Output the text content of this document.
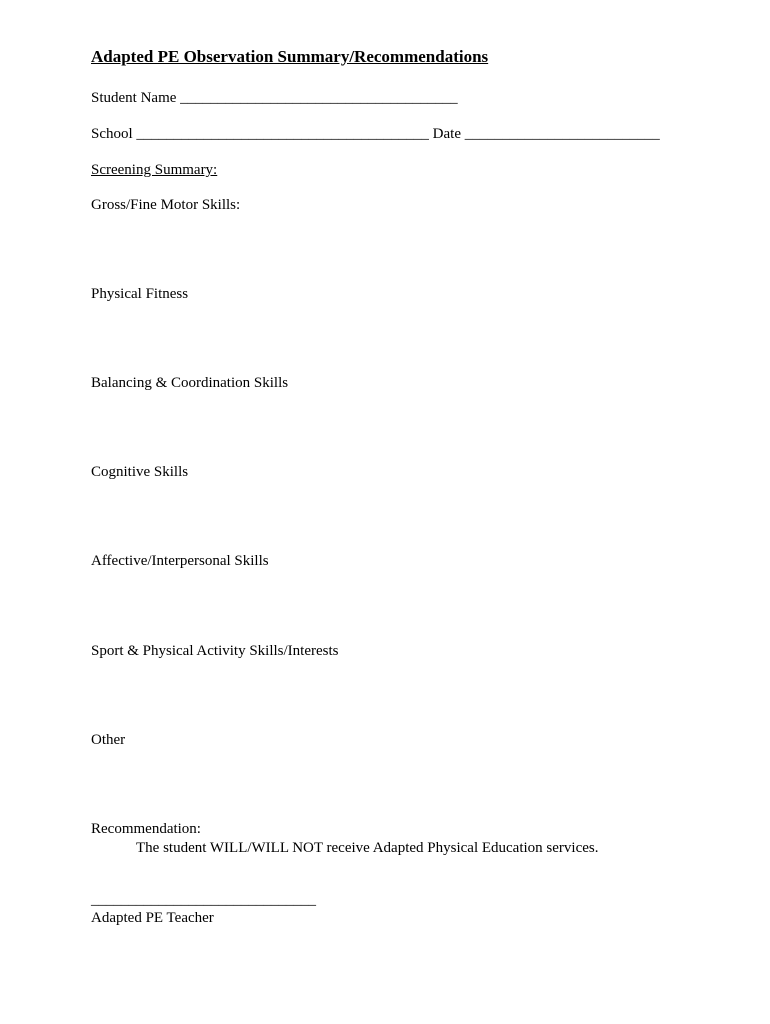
Adapted PE Observation Summary/Recommendations
Student Name _____________________________________
School _______________________________________ Date __________________________
Screening Summary:
Gross/Fine Motor Skills:
Physical Fitness
Balancing & Coordination Skills
Cognitive Skills
Affective/Interpersonal Skills
Sport & Physical Activity Skills/Interests
Other
Recommendation:
The student WILL/WILL NOT receive Adapted Physical Education services.
______________________________
Adapted PE Teacher
